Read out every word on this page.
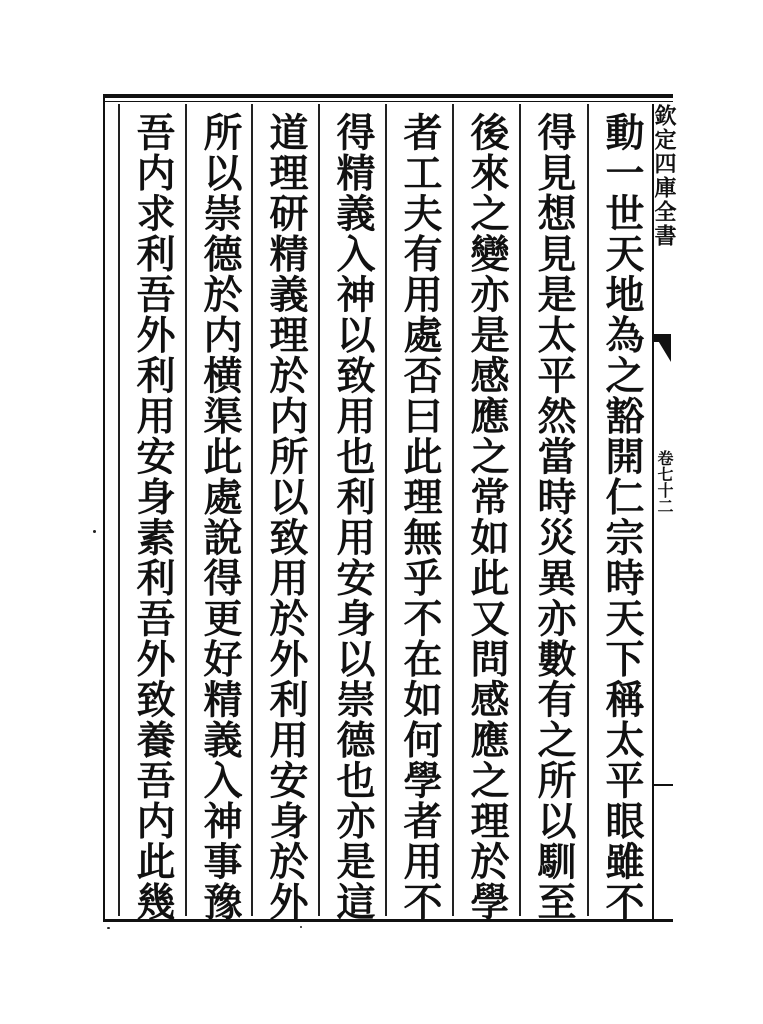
欽定四庫全書
卷七十二
動一世天地為之豁開仁宗時天下稱太平眼雖不
得見想見是太平然當時災異亦數有之所以馴至
後來之變亦是感應之常如此又問感應之理於學
者工夫有用處否曰此理無乎不在如何學者用不
得精義入神以致用也利用安身以崇德也亦是這
道理研精義理於内所以致用於外利用安身於外
所以崇德於内横渠此處說得更好精義入神事豫
吾内求利吾外利用安身素利吾外致養吾内此幾
